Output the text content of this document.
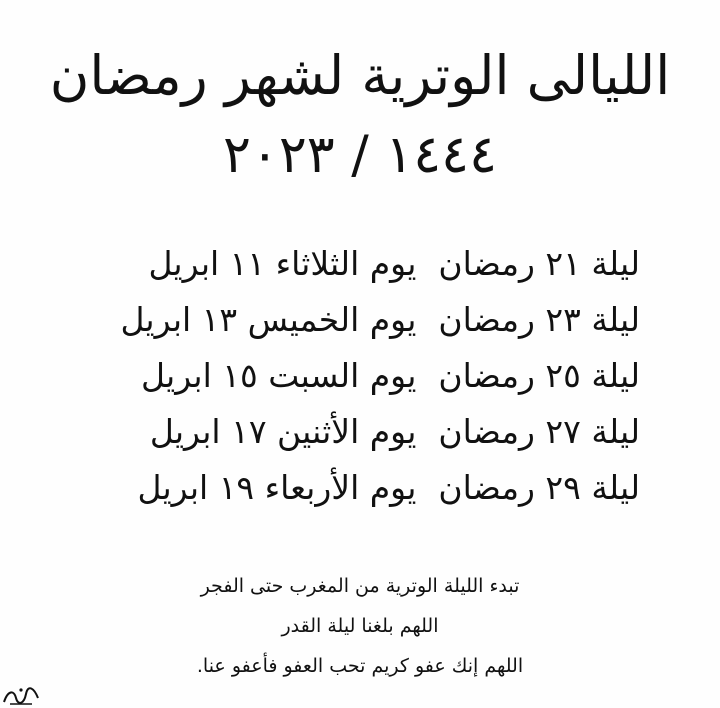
الليالى الوترية لشهر رمضان
١٤٤٤ / ٢٠٢٣
ليلة ٢١ رمضانيوم الثلاثاء ١١ ابريل
ليلة ٢٣ رمضانيوم الخميس ١٣ ابريل
ليلة ٢٥ رمضانيوم السبت ١٥ ابريل
ليلة ٢٧ رمضانيوم الأثنين ١٧ ابريل
ليلة ٢٩ رمضانيوم الأربعاء ١٩ ابريل
تبدء الليلة الوترية من المغرب حتى الفجر
اللهم بلغنا ليلة القدر
اللهم إنك عفو كريم تحب العفو فأعفو عنا.
